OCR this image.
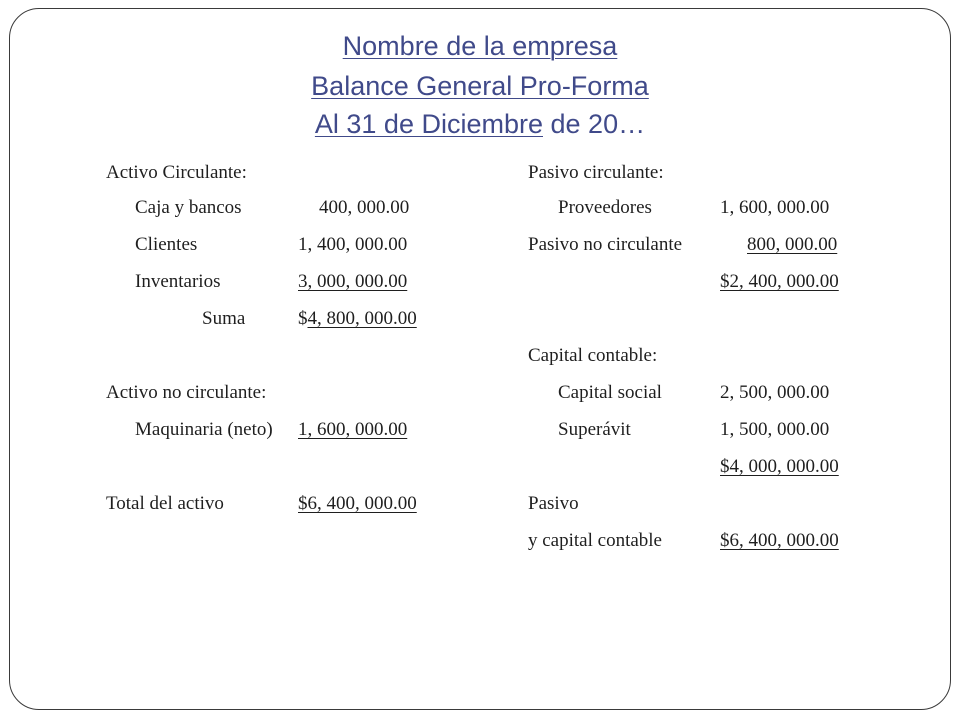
Nombre de la empresa
Balance General Pro-Forma
Al 31 de Diciembre de 20…
Activo Circulante:
Caja y bancos	400, 000.00
Clientes	1, 400, 000.00
Inventarios	3, 000, 000.00
Suma	$4, 800, 000.00
Activo no circulante:
Maquinaria (neto) 1, 600, 000.00
Total del activo	$6, 400, 000.00
Pasivo circulante:
Proveedores	1, 600, 000.00
Pasivo no circulante	800, 000.00
$2, 400, 000.00
Capital contable:
Capital social	2, 500, 000.00
Superávit	1, 500, 000.00
$4, 000, 000.00
Pasivo
y capital contable	$6, 400, 000.00
